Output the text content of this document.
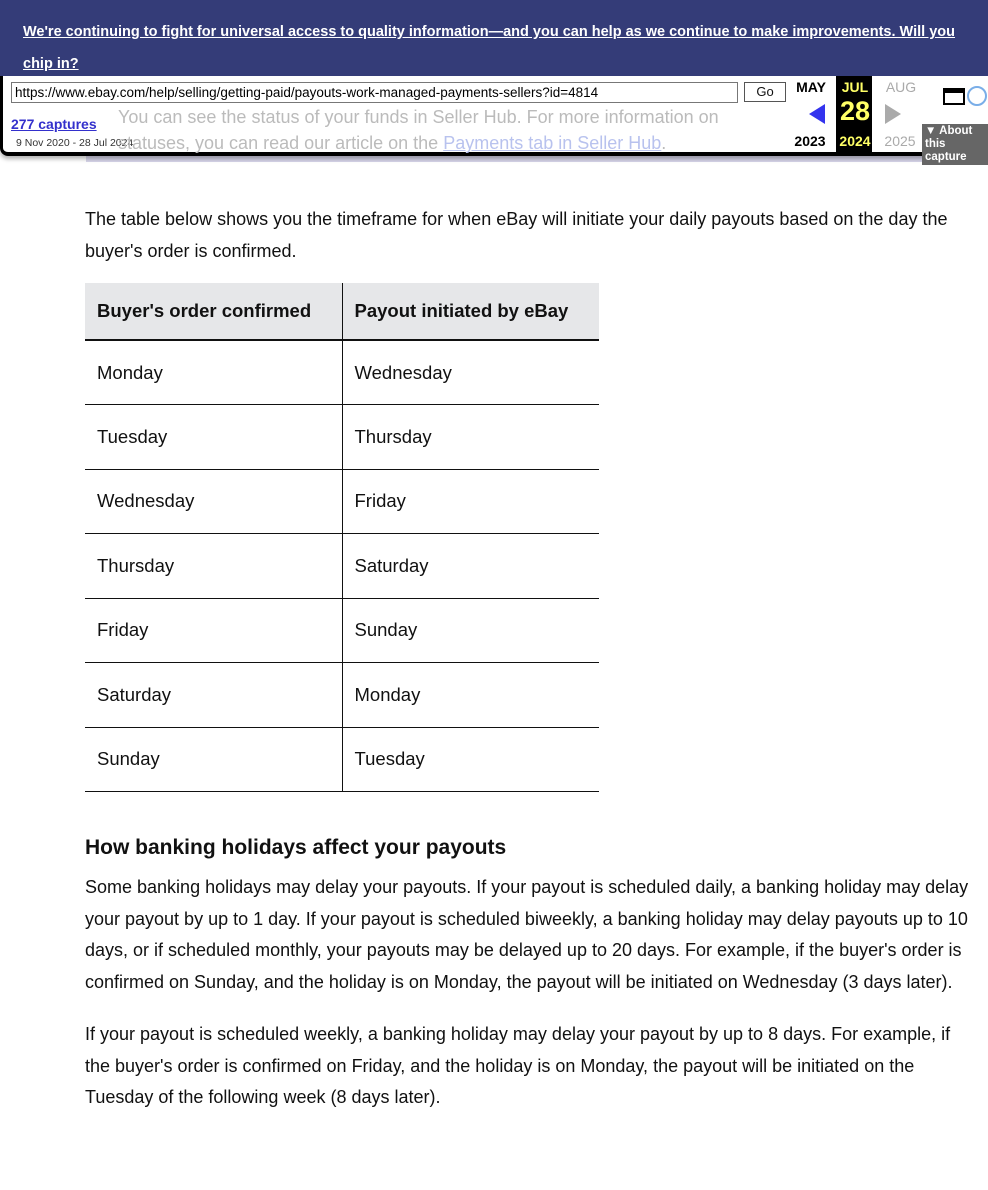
We're continuing to fight for universal access to quality information—and you can help as we continue to make improvements. Will you chip in?
You can see the status of your funds in Seller Hub. For more information on
statuses, you can read our article on the Payments tab in Seller Hub.
https://www.ebay.com/help/selling/getting-paid/payouts-work-managed-payments-sellers?id=4814
Go
277 captures
9 Nov 2020 - 28 Jul 2024
MAY	JUL	AUG
28
2023 2024 2025
▼ About this capture

The table below shows you the timeframe for when eBay will initiate your daily payouts based on the day the buyer's order is confirmed.

Buyer's order confirmed	Payout initiated by eBay
Monday	Wednesday
Tuesday	Thursday
Wednesday	Friday
Thursday	Saturday
Friday	Sunday
Saturday	Monday
Sunday	Tuesday
How banking holidays affect your payouts

Some banking holidays may delay your payouts. If your payout is scheduled daily, a banking holiday may delay your payout by up to 1 day. If your payout is scheduled biweekly, a banking holiday may delay payouts up to 10 days, or if scheduled monthly, your payouts may be delayed up to 20 days. For example, if the buyer's order is confirmed on Sunday, and the holiday is on Monday, the payout will be initiated on Wednesday (3 days later).

If your payout is scheduled weekly, a banking holiday may delay your payout by up to 8 days. For example, if the buyer's order is confirmed on Friday, and the holiday is on Monday, the payout will be initiated on the Tuesday of the following week (8 days later).
